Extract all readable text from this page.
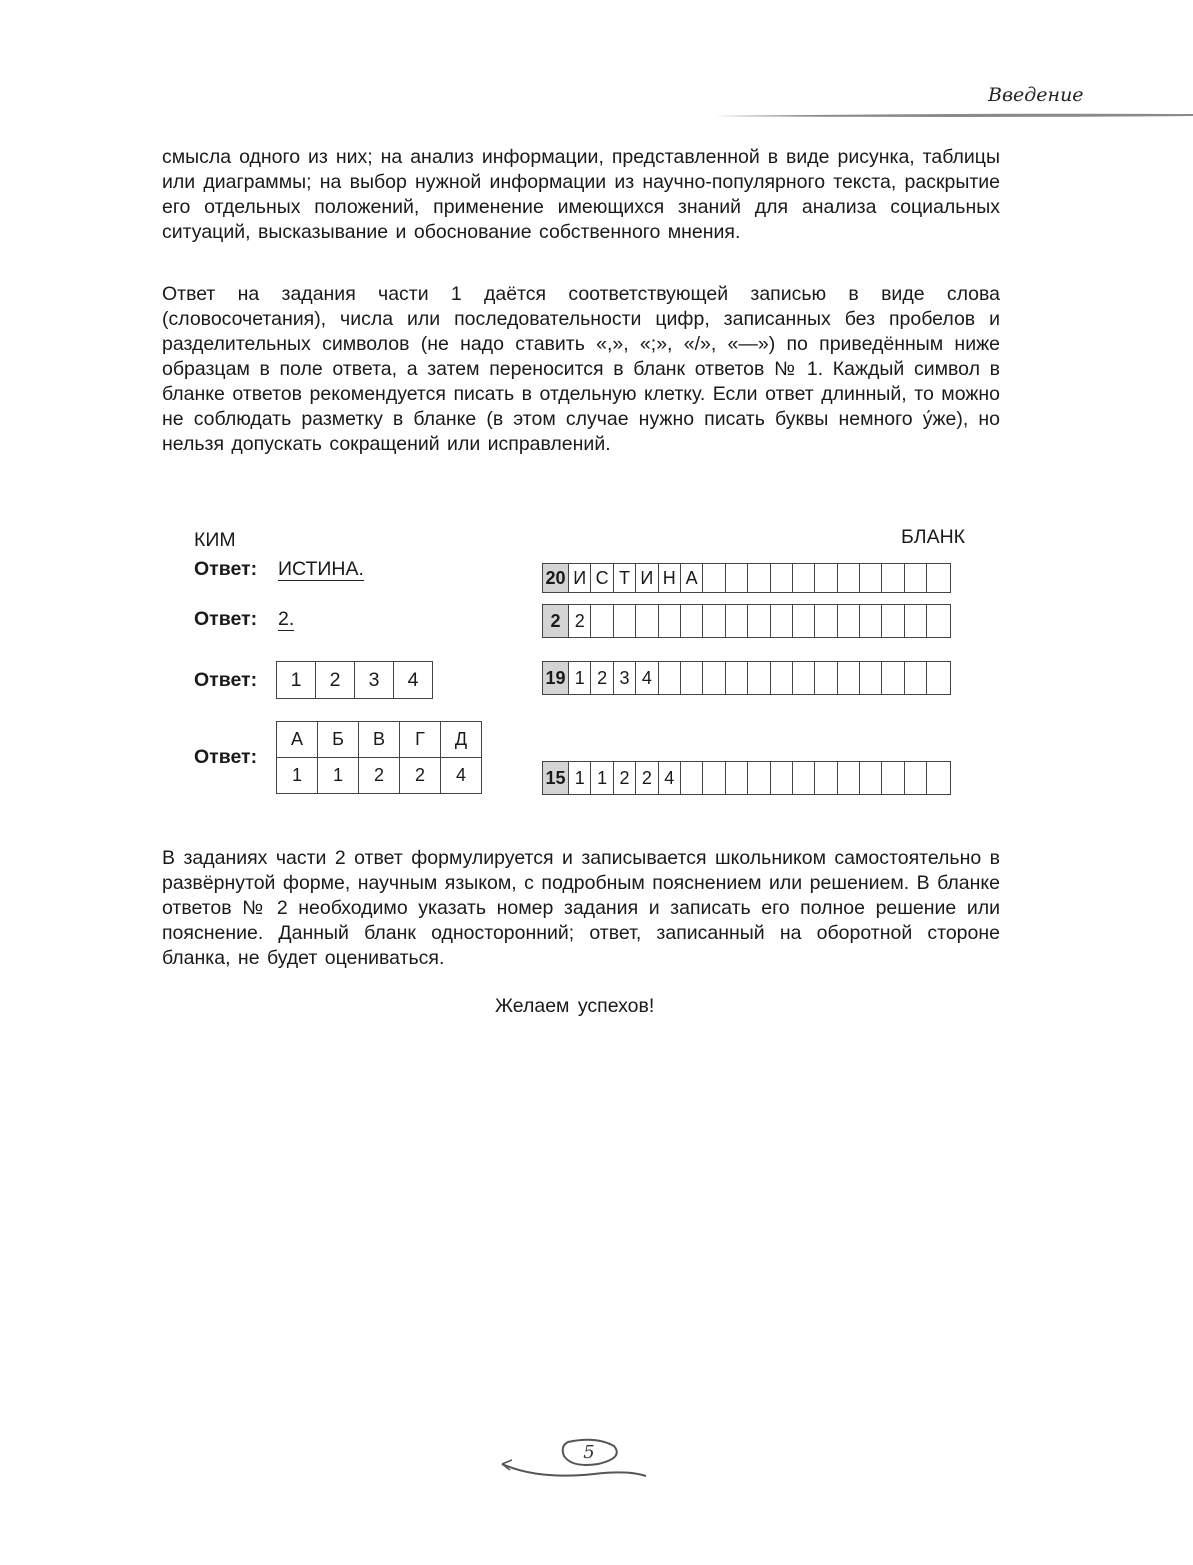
Введение

смысла одного из них; на анализ информации, представленной в виде рисунка, таблицы или диаграммы; на выбор нужной информации из научно-популярного текста, раскрытие его отдельных положений, применение имеющихся знаний для анализа социальных ситуаций, высказывание и обоснование собственного мнения.

Ответ на задания части 1 даётся соответствующей записью в виде слова (словосочетания), числа или последовательности цифр, записанных без пробелов и разделительных символов (не надо ставить «,», «;», «/», «—») по приведённым ниже образцам в поле ответа, а затем переносится в бланк ответов № 1. Каждый символ в бланке ответов рекомендуется писать в отдельную клетку. Если ответ длинный, то можно не соблюдать разметку в бланке (в этом случае нужно писать буквы немного у́же), но нельзя допускать сокращений или исправлений.

КИМ	БЛАНК
Ответ: ИСТИНА.
Ответ: 2.
Ответ:	1	2	3	4
Ответ:
А	Б	В	Г	Д
1	1	2	2	4
20 И С Т И Н А
2 2
19 1 2 3 4
15 1 1 2 2 4

В заданиях части 2 ответ формулируется и записывается школьником самостоятельно в развёрнутой форме, научным языком, с подробным пояснением или решением. В бланке ответов № 2 необходимо указать номер задания и записать его полное решение или пояснение. Данный бланк односторонний; ответ, записанный на оборотной стороне бланка, не будет оцениваться.

Желаем успехов!
5
